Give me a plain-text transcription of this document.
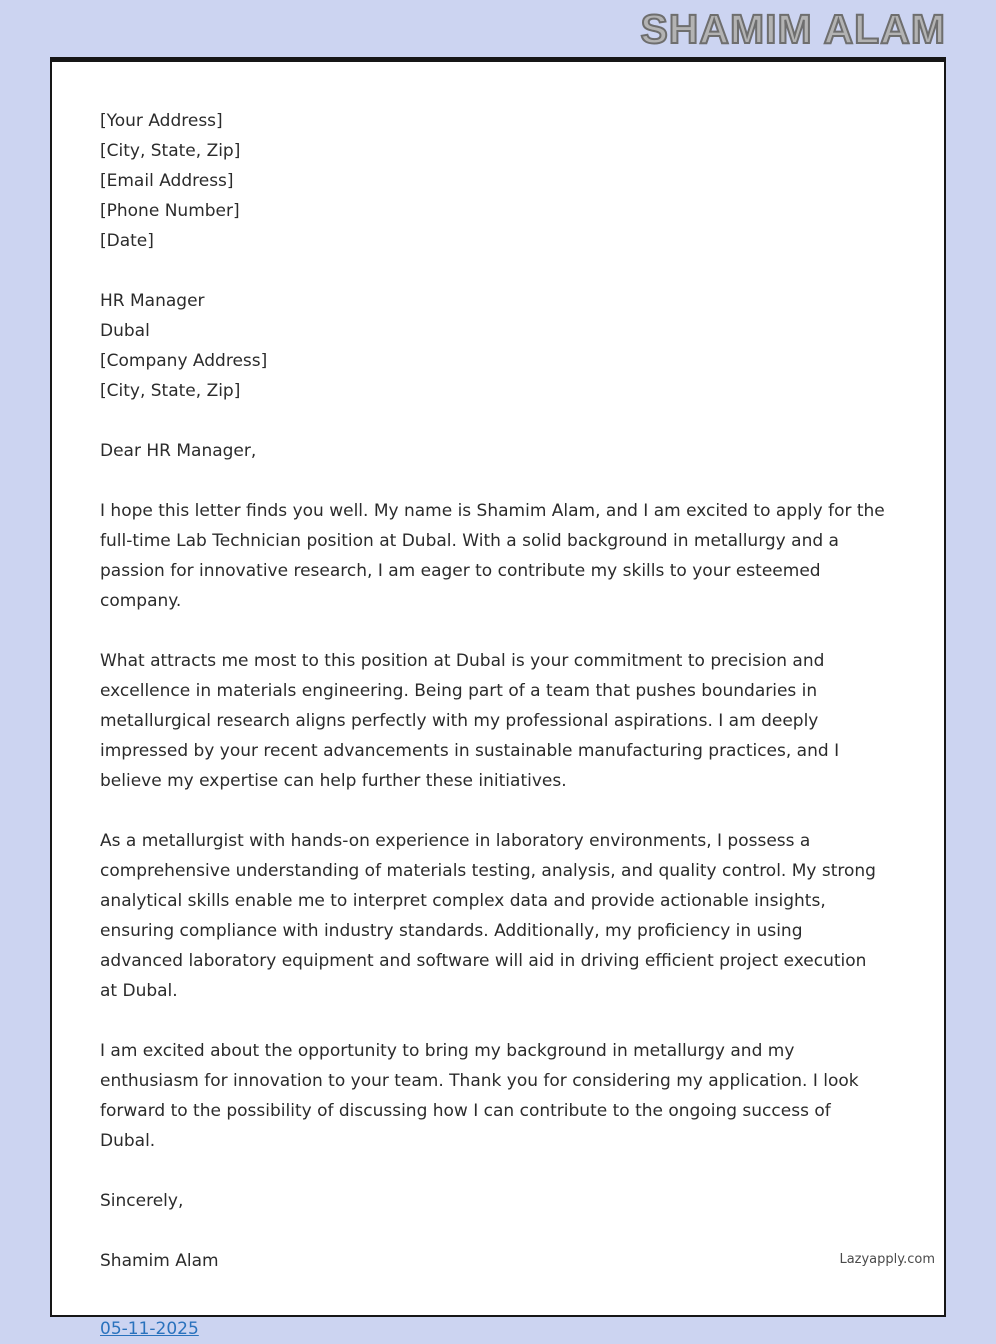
SHAMIM ALAM
[Your Address]
[City, State, Zip]
[Email Address]
[Phone Number]
[Date]
HR Manager
Dubal
[Company Address]
[City, State, Zip]

Dear HR Manager,

I hope this letter finds you well. My name is Shamim Alam, and I am excited to apply for the full-time Lab Technician position at Dubal. With a solid background in metallurgy and a passion for innovative research, I am eager to contribute my skills to your esteemed company.

What attracts me most to this position at Dubal is your commitment to precision and excellence in materials engineering. Being part of a team that pushes boundaries in metallurgical research aligns perfectly with my professional aspirations. I am deeply impressed by your recent advancements in sustainable manufacturing practices, and I believe my expertise can help further these initiatives.

As a metallurgist with hands-on experience in laboratory environments, I possess a comprehensive understanding of materials testing, analysis, and quality control. My strong analytical skills enable me to interpret complex data and provide actionable insights, ensuring compliance with industry standards. Additionally, my proficiency in using advanced laboratory equipment and software will aid in driving efficient project execution at Dubal.

I am excited about the opportunity to bring my background in metallurgy and my enthusiasm for innovation to your team. Thank you for considering my application. I look forward to the possibility of discussing how I can contribute to the ongoing success of Dubal.

Sincerely,

Shamim Alam

05-11-2025
Lazyapply.com
